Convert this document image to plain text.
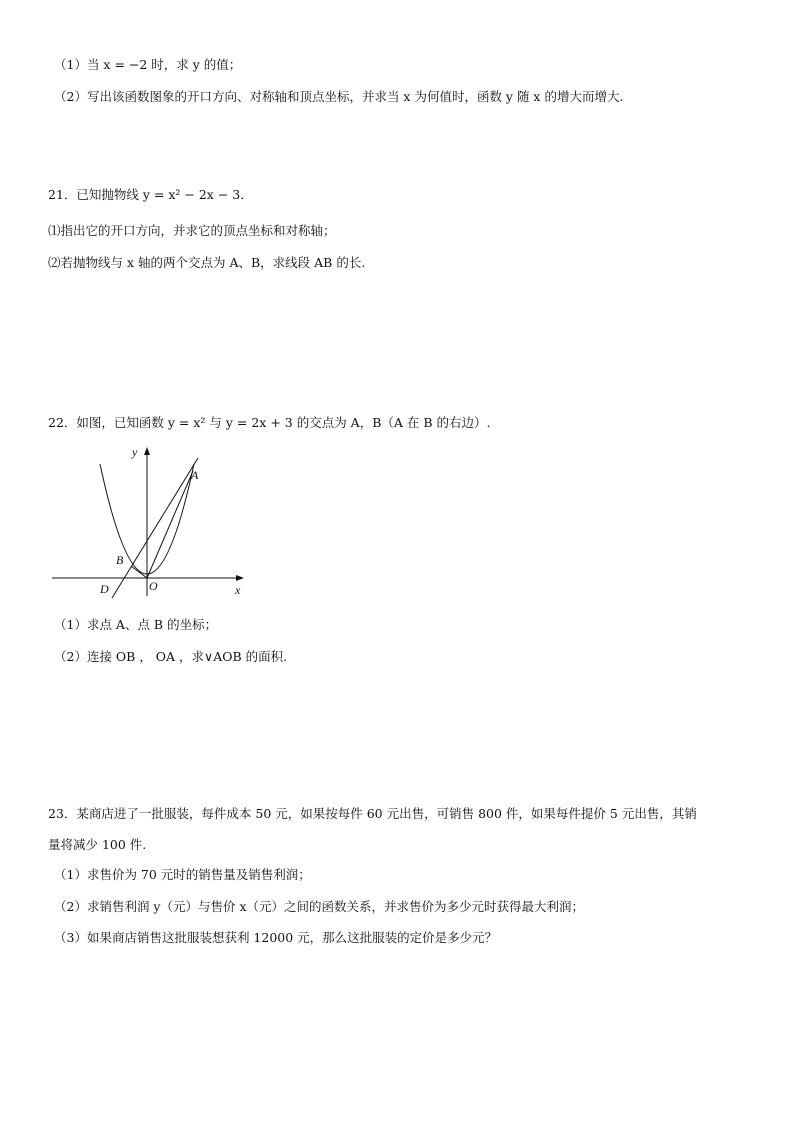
（1）当 x = −2 时，求 y 的值；
（2）写出该函数图象的开口方向、对称轴和顶点坐标，并求当 x 为何值时，函数 y 随 x 的增大而增大.
21．已知抛物线 y = x² − 2x − 3．
⑴指出它的开口方向，并求它的顶点坐标和对称轴；
⑵若抛物线与 x 轴的两个交点为 A、B，求线段 AB 的长.
22．如图，已知函数 y = x² 与 y = 2x + 3 的交点为 A，B（A 在 B 的右边）.
y
x
A
B
D	O
（1）求点 A、点 B 的坐标；
（2）连接 OB ， OA ，求∨AOB 的面积.
23．某商店进了一批服装，每件成本 50 元，如果按每件 60 元出售，可销售 800 件，如果每件提价 5 元出售，其销
量将减少 100 件.
（1）求售价为 70 元时的销售量及销售利润；
（2）求销售利润 y（元）与售价 x（元）之间的函数关系，并求售价为多少元时获得最大利润；
（3）如果商店销售这批服装想获利 12000 元，那么这批服装的定价是多少元？
